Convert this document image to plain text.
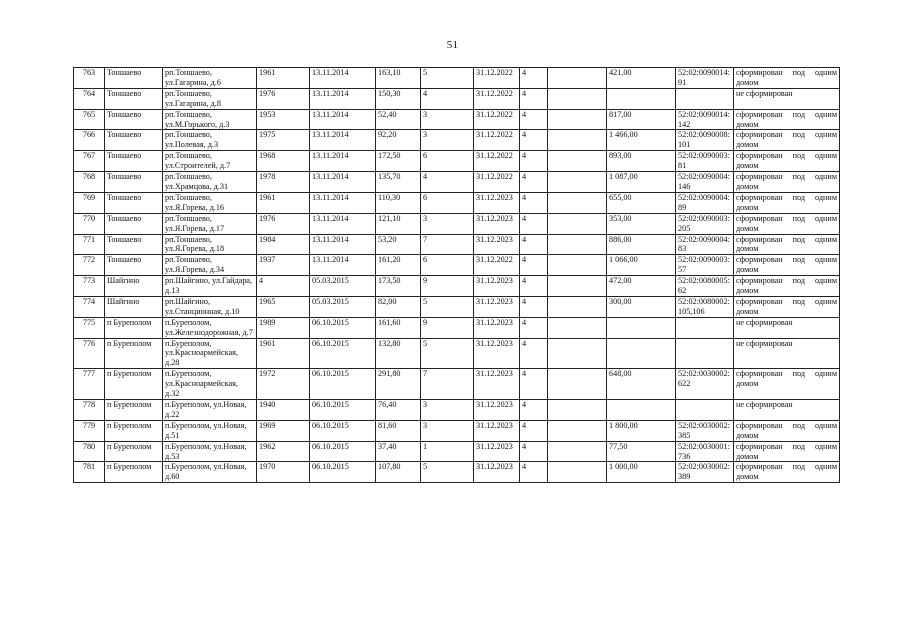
51
763	Тоншаево	рп.Тоншаево, ул.Гагарина, д.6	1961	13.11.2014	163,10	5	31.12.2022	4		421,00	52:02:0090014:91	сформирован под одним домом
764	Тоншаево	рп.Тоншаево, ул.Гагарина, д.8	1976	13.11.2014	150,30	4	31.12.2022	4				не сформирован
765	Тоншаево	рп.Тоншаево, ул.М.Горького, д.3	1953	13.11.2014	52,40	3	31.12.2022	4		817,00	52:02:0090014:142	сформирован под одним домом
766	Тоншаево	рп.Тоншаево, ул.Полевая, д.3	1975	13.11.2014	92,20	3	31.12.2022	4		1 466,00	52:02:0090008:101	сформирован под одним домом
767	Тоншаево	рп.Тоншаево, ул.Строителей, д.7	1968	13.11.2014	172,50	6	31.12.2022	4		893,00	52:02:0090003:81	сформирован под одним домом
768	Тоншаево	рп.Тоншаево, ул.Храмцова, д.31	1978	13.11.2014	135,70	4	31.12.2022	4		1 087,00	52:02:0090004:146	сформирован под одним домом
769	Тоншаево	рп.Тоншаево, ул.Я.Горева, д.16	1961	13.11.2014	110,30	6	31.12.2023	4		655,00	52:02:0090004:89	сформирован под одним домом
770	Тоншаево	рп.Тоншаево, ул.Я.Горева, д.17	1976	13.11.2014	121,10	3	31.12.2023	4		353,00	52:02:0090003:205	сформирован под одним домом
771	Тоншаево	рп.Тоншаево, ул.Я.Горева, д.18	1984	13.11.2014	53,20	7	31.12.2023	4		886,00	52:02:0090004:83	сформирован под одним домом
772	Тоншаево	рп.Тоншаево, ул.Я.Горева, д.34	1937	13.11.2014	161,20	6	31.12.2022	4		1 066,00	52:02:0090003:57	сформирован под одним домом
773	Шайгино	рп.Шайгино, ул.Гайдара, д.13	4	05.03.2015	173,50	9	31.12.2023	4		472,00	52:02:0080005:62	сформирован под одним домом
774	Шайгино	рп.Шайгино, ул.Станционная, д.10	1965	05.03.2015	82,00	5	31.12.2023	4		300,00	52:02:0080002:105,106	сформирован под одним домом
775	п Буреполом	п.Буреполом, ул.Железнодорожная, д.7	1989	06.10.2015	161,60	9	31.12.2023	4				не сформирован
776	п Буреполом	п.Буреполом, ул.Красноармейская, д.28	1961	06.10.2015	132,80	5	31.12.2023	4				не сформирован
777	п Буреполом	п.Буреполом, ул.Красноармейская, д.32	1972	06.10.2015	291,80	7	31.12.2023	4		648,00	52:02:0030002:622	сформирован под одним домом
778	п Буреполом	п.Буреполом, ул.Новая, д.22	1940	06.10.2015	76,40	3	31.12.2023	4				не сформирован
779	п Буреполом	п.Буреполом, ул.Новая, д.51	1969	06.10.2015	81,60	3	31.12.2023	4		1 800,00	52:02:0030002:385	сформирован под одним домом
780	п Буреполом	п.Буреполом, ул.Новая, д.53	1962	06.10.2015	37,40	1	31.12.2023	4		77,50	52:02:0030001:736	сформирован под одним домом
781	п Буреполом	п.Буреполом, ул.Новая, д.60	1970	06.10.2015	107,80	5	31.12.2023	4		1 000,00	52:02:0030002:389	сформирован под одним домом
